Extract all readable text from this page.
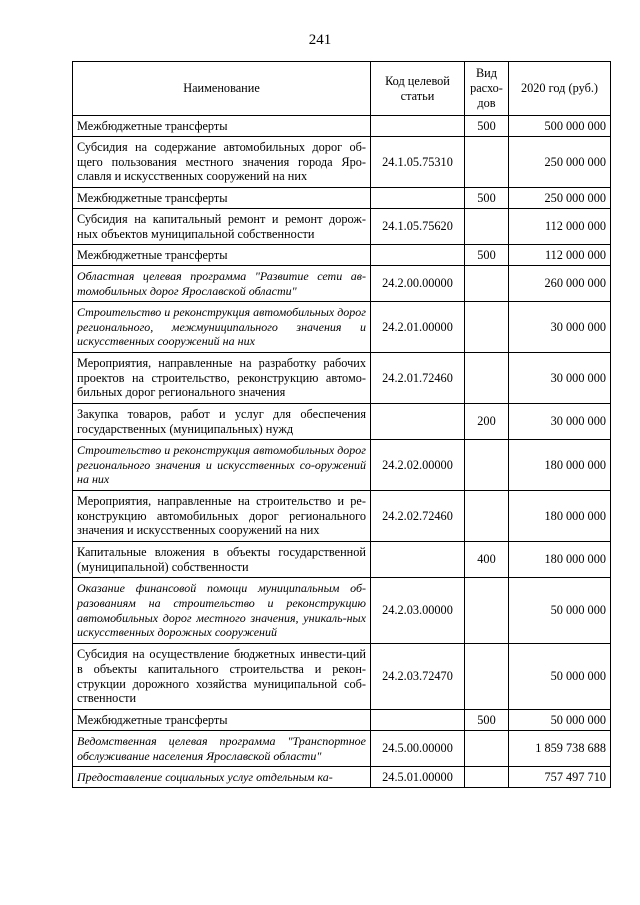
241
Наименование	Код целевой статьи	Вид расхо-дов	2020 год (руб.)
Межбюджетные трансферты		500	500 000 000
Субсидия на содержание автомобильных дорог об-щего пользования местного значения города Яро-славля и искусственных сооружений на них	24.1.05.75310		250 000 000
Межбюджетные трансферты		500	250 000 000
Субсидия на капитальный ремонт и ремонт дорож-ных объектов муниципальной собственности	24.1.05.75620		112 000 000
Межбюджетные трансферты		500	112 000 000
Областная целевая программа "Развитие сети ав-томобильных дорог Ярославской области"	24.2.00.00000		260 000 000
Строительство и реконструкция автомобильных дорог регионального, межмуниципального значения и искусственных сооружений на них	24.2.01.00000		30 000 000
Мероприятия, направленные на разработку рабочих проектов на строительство, реконструкцию автомо-бильных дорог регионального значения	24.2.01.72460		30 000 000
Закупка товаров, работ и услуг для обеспечения государственных (муниципальных) нужд		200	30 000 000
Строительство и реконструкция автомобильных дорог регионального значения и искусственных со-оружений на них	24.2.02.00000		180 000 000
Мероприятия, направленные на строительство и ре-конструкцию автомобильных дорог регионального значения и искусственных сооружений на них	24.2.02.72460		180 000 000
Капитальные вложения в объекты государственной (муниципальной) собственности		400	180 000 000
Оказание финансовой помощи муниципальным об-разованиям на строительство и реконструкцию автомобильных дорог местного значения, уникаль-ных искусственных дорожных сооружений	24.2.03.00000		50 000 000
Субсидия на осуществление бюджетных инвести-ций в объекты капитального строительства и рекон-струкции дорожного хозяйства муниципальной соб-ственности	24.2.03.72470		50 000 000
Межбюджетные трансферты		500	50 000 000
Ведомственная целевая программа "Транспортное обслуживание населения Ярославской области"	24.5.00.00000		1 859 738 688
Предоставление социальных услуг отдельным ка-	24.5.01.00000		757 497 710
